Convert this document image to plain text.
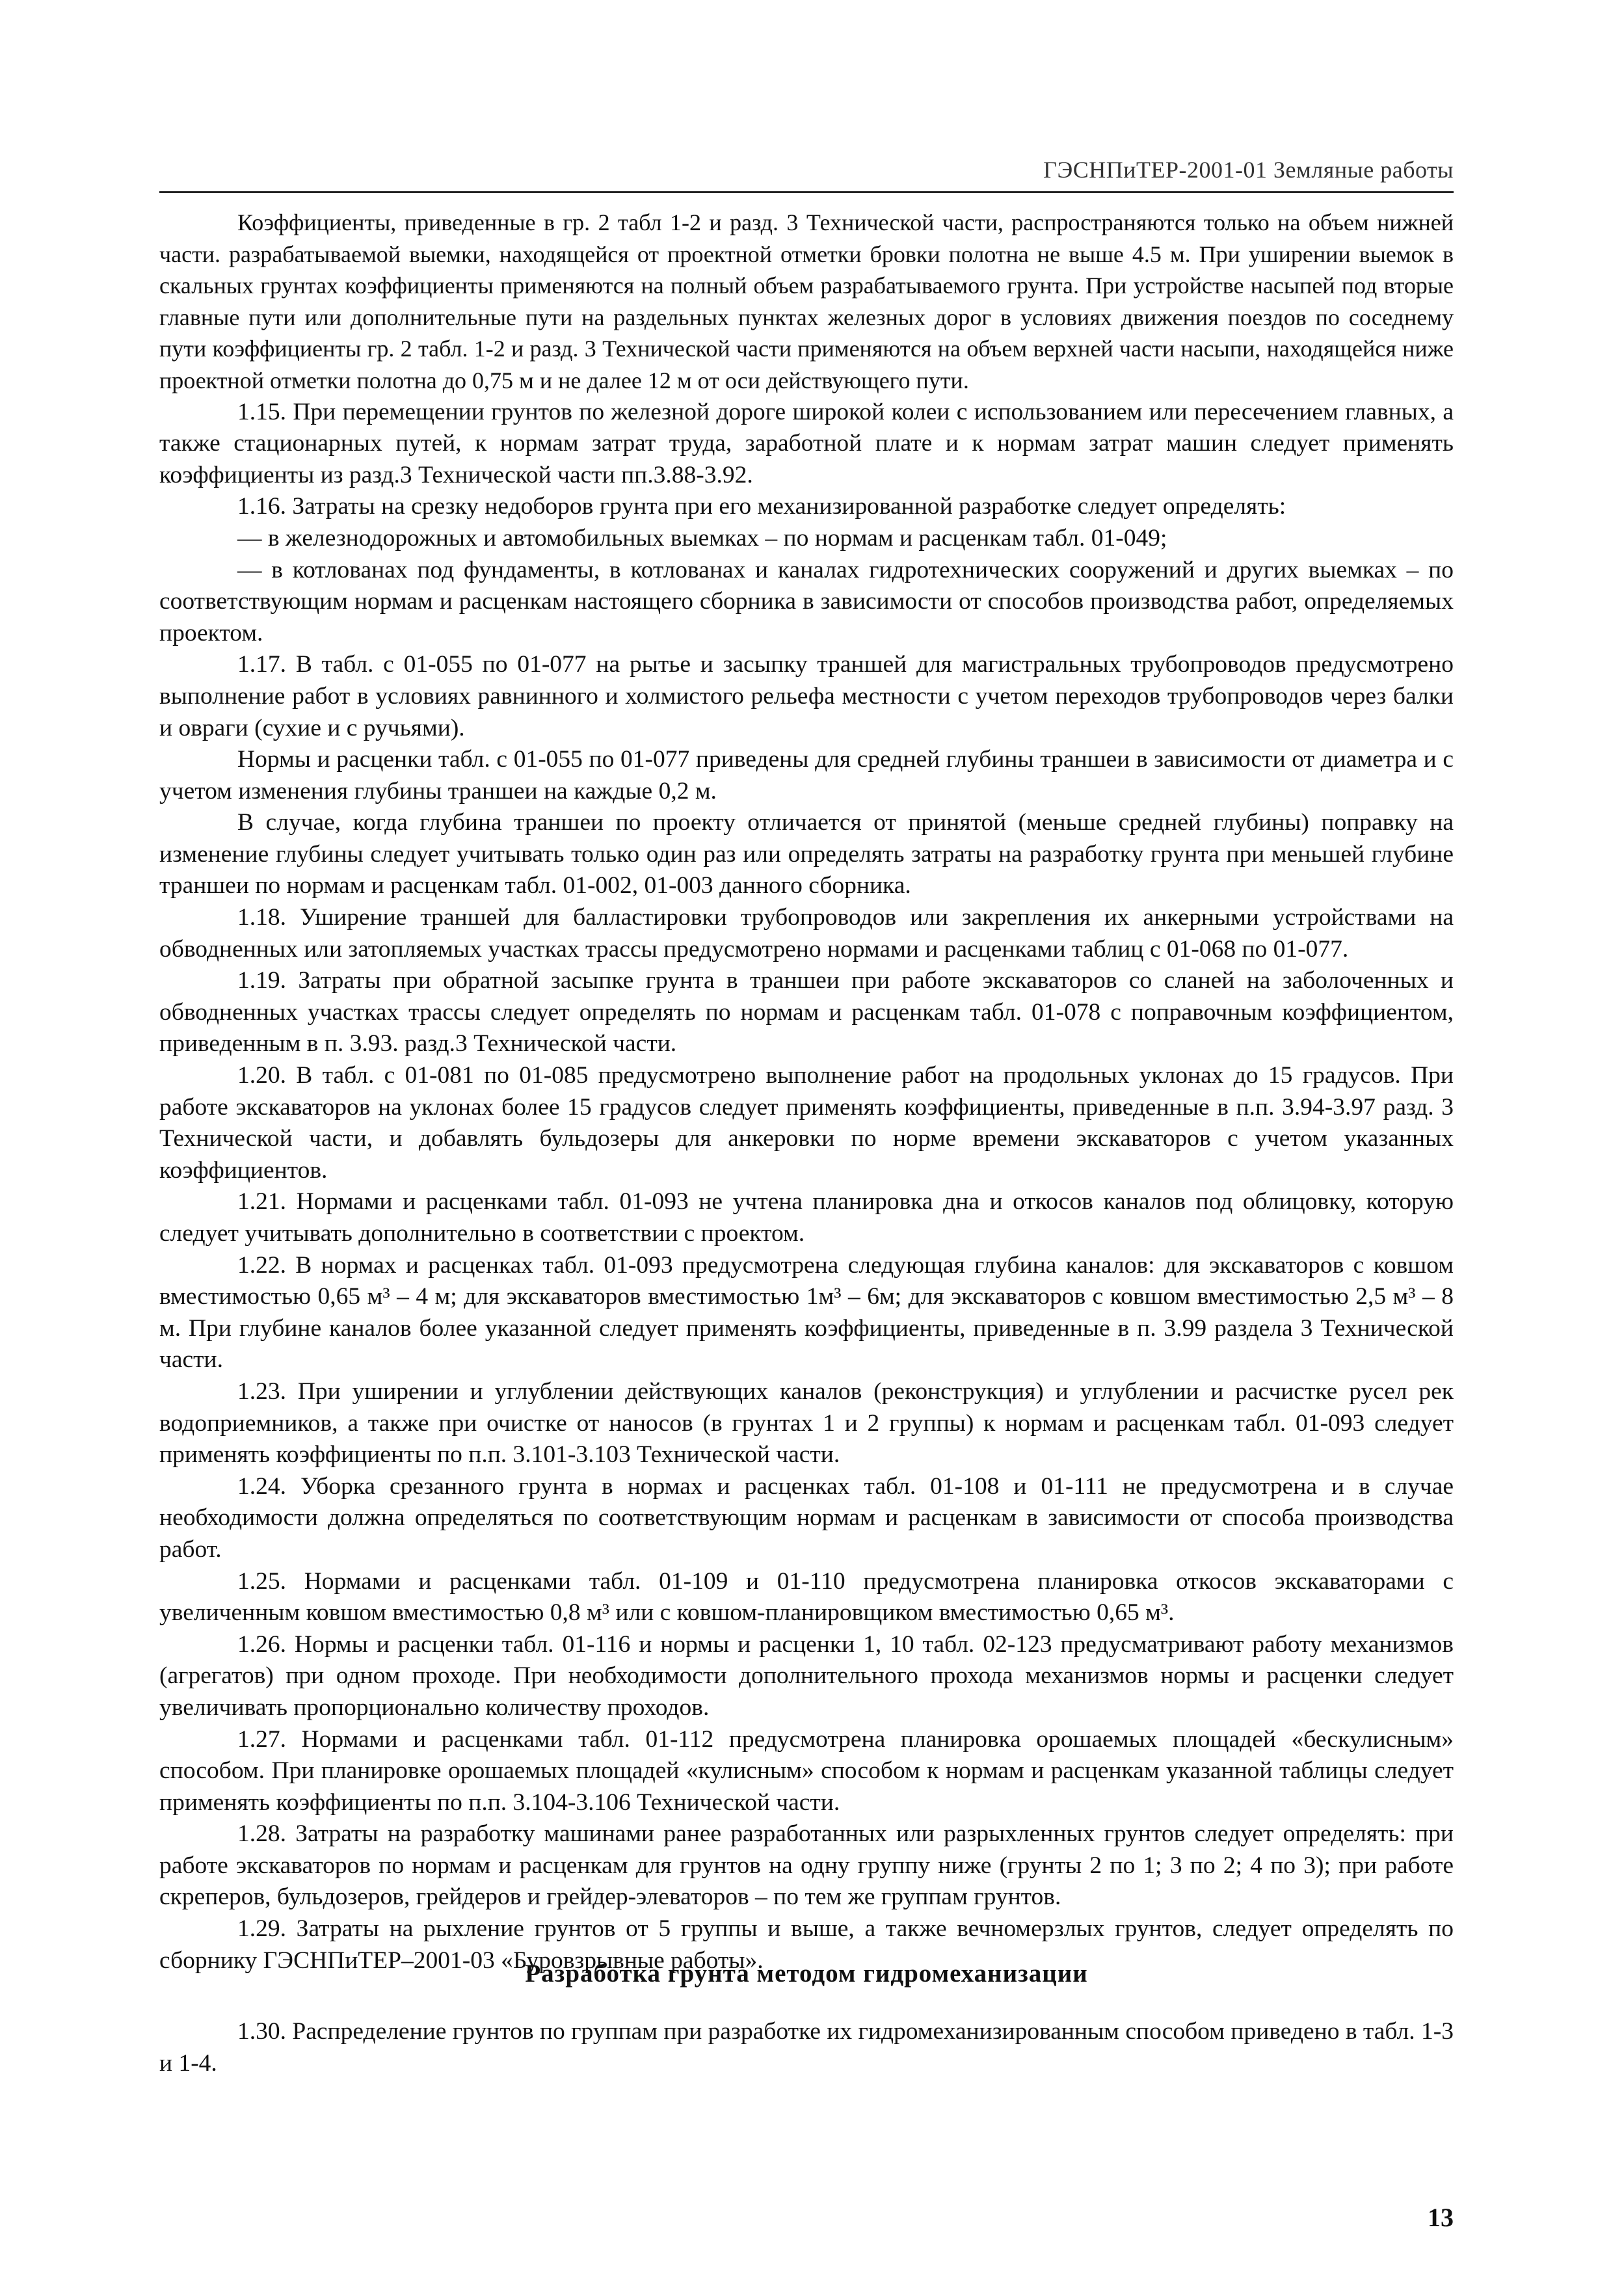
ГЭСНПиТЕР-2001-01 Земляные работы

Коэффициенты, приведенные в гр. 2 табл 1-2 и разд. 3 Технической части, распространяются только на объем нижней части. разрабатываемой выемки, находящейся от проектной отметки бровки полотна не выше 4.5 м. При уширении выемок в скальных грунтах коэффициенты применяются на полный объем разрабатываемого грунта. При устройстве насыпей под вторые главные пути или дополнительные пути на раздельных пунктах железных дорог в условиях движения поездов по соседнему пути коэффициенты гр. 2 табл. 1-2 и разд. 3 Технической части применяются на объем верхней части насыпи, находящейся ниже проектной отметки полотна до 0,75 м и не далее 12 м от оси действующего пути.

1.15. При перемещении грунтов по железной дороге широкой колеи с использованием или пересечением главных, а также стационарных путей, к нормам затрат труда, заработной плате и к нормам затрат машин следует применять коэффициенты из разд.3 Технической части пп.3.88-3.92.

1.16. Затраты на срезку недоборов грунта при его механизированной разработке следует определять:

— в железнодорожных и автомобильных выемках – по нормам и расценкам табл. 01-049;

— в котлованах под фундаменты, в котлованах и каналах гидротехнических сооружений и других выемках – по соответствующим нормам и расценкам настоящего сборника в зависимости от способов производства работ, определяемых проектом.

1.17. В табл. с 01-055 по 01-077 на рытье и засыпку траншей для магистральных трубопроводов предусмотрено выполнение работ в условиях равнинного и холмистого рельефа местности с учетом переходов трубопроводов через балки и овраги (сухие и с ручьями).

Нормы и расценки табл. с 01-055 по 01-077 приведены для средней глубины траншеи в зависимости от диаметра и с учетом изменения глубины траншеи на каждые 0,2 м.

В случае, когда глубина траншеи по проекту отличается от принятой (меньше средней глубины) поправку на изменение глубины следует учитывать только один раз или определять затраты на разработку грунта при меньшей глубине траншеи по нормам и расценкам табл. 01-002, 01-003 данного сборника.

1.18. Уширение траншей для балластировки трубопроводов или закрепления их анкерными устройствами на обводненных или затопляемых участках трассы предусмотрено нормами и расценками таблиц с 01-068 по 01-077.

1.19. Затраты при обратной засыпке грунта в траншеи при работе экскаваторов со сланей на заболоченных и обводненных участках трассы следует определять по нормам и расценкам табл. 01-078 с поправочным коэффициентом, приведенным в п. 3.93. разд.3 Технической части.

1.20. В табл. с 01-081 по 01-085 предусмотрено выполнение работ на продольных уклонах до 15 градусов. При работе экскаваторов на уклонах более 15 градусов следует применять коэффициенты, приведенные в п.п. 3.94-3.97 разд. 3 Технической части, и добавлять бульдозеры для анкеровки по норме времени экскаваторов с учетом указанных коэффициентов.

1.21. Нормами и расценками табл. 01-093 не учтена планировка дна и откосов каналов под облицовку, которую следует учитывать дополнительно в соответствии с проектом.

1.22. В нормах и расценках табл. 01-093 предусмотрена следующая глубина каналов: для экскаваторов с ковшом вместимостью 0,65 м³ – 4 м; для экскаваторов вместимостью 1м³ – 6м; для экскаваторов с ковшом вместимостью 2,5 м³ – 8 м. При глубине каналов более указанной следует применять коэффициенты, приведенные в п. 3.99 раздела 3 Технической части.

1.23. При уширении и углублении действующих каналов (реконструкция) и углублении и расчистке русел рек водоприемников, а также при очистке от наносов (в грунтах 1 и 2 группы) к нормам и расценкам табл. 01-093 следует применять коэффициенты по п.п. 3.101-3.103 Технической части.

1.24. Уборка срезанного грунта в нормах и расценках табл. 01-108 и 01-111 не предусмотрена и в случае необходимости должна определяться по соответствующим нормам и расценкам в зависимости от способа производства работ.

1.25. Нормами и расценками табл. 01-109 и 01-110 предусмотрена планировка откосов экскаваторами с увеличенным ковшом вместимостью 0,8 м³ или с ковшом-планировщиком вместимостью 0,65 м³.

1.26. Нормы и расценки табл. 01-116 и нормы и расценки 1, 10 табл. 02-123 предусматривают работу механизмов (агрегатов) при одном проходе. При необходимости дополнительного прохода механизмов нормы и расценки следует увеличивать пропорционально количеству проходов.

1.27. Нормами и расценками табл. 01-112 предусмотрена планировка орошаемых площадей «бескулисным» способом. При планировке орошаемых площадей «кулисным» способом к нормам и расценкам указанной таблицы следует применять коэффициенты по п.п. 3.104-3.106 Технической части.

1.28. Затраты на разработку машинами ранее разработанных или разрыхленных грунтов следует определять: при работе экскаваторов по нормам и расценкам для грунтов на одну группу ниже (грунты 2 по 1; 3 по 2; 4 по 3); при работе скреперов, бульдозеров, грейдеров и грейдер-элеваторов – по тем же группам грунтов.

1.29. Затраты на рыхление грунтов от 5 группы и выше, а также вечномерзлых грунтов, следует определять по сборнику ГЭСНПиТЕР–2001-03 «Буровзрывные работы».

Разработка грунта методом гидромеханизации

1.30. Распределение грунтов по группам при разработке их гидромеханизированным способом приведено в табл. 1-3 и 1-4.

13
